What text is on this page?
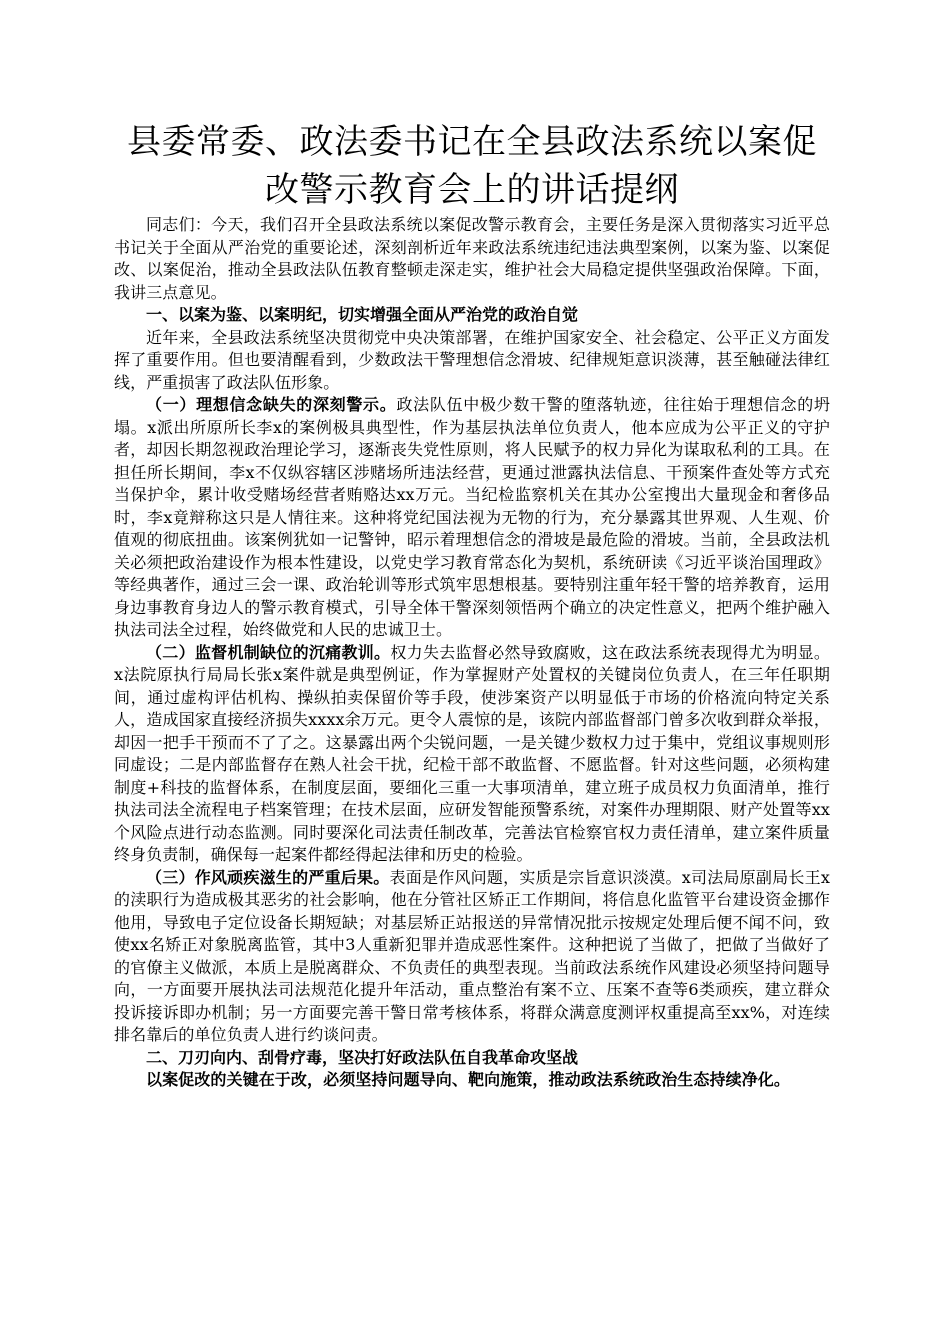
县委常委、政法委书记在全县政法系统以案促改警示教育会上的讲话提纲

同志们：今天，我们召开全县政法系统以案促改警示教育会，主要任务是深入贯彻落实习近平总书记关于全面从严治党的重要论述，深刻剖析近年来政法系统违纪违法典型案例，以案为鉴、以案促改、以案促治，推动全县政法队伍教育整顿走深走实，维护社会大局稳定提供坚强政治保障。下面，我讲三点意见。

一、以案为鉴、以案明纪，切实增强全面从严治党的政治自觉

近年来，全县政法系统坚决贯彻党中央决策部署，在维护国家安全、社会稳定、公平正义方面发挥了重要作用。但也要清醒看到，少数政法干警理想信念滑坡、纪律规矩意识淡薄，甚至触碰法律红线，严重损害了政法队伍形象。

（一）理想信念缺失的深刻警示。政法队伍中极少数干警的堕落轨迹，往往始于理想信念的坍塌。x派出所原所长李x的案例极具典型性，作为基层执法单位负责人，他本应成为公平正义的守护者，却因长期忽视政治理论学习，逐渐丧失党性原则，将人民赋予的权力异化为谋取私利的工具。在担任所长期间，李x不仅纵容辖区涉赌场所违法经营，更通过泄露执法信息、干预案件查处等方式充当保护伞，累计收受赌场经营者贿赂达xx万元。当纪检监察机关在其办公室搜出大量现金和奢侈品时，李x竟辩称这只是人情往来。这种将党纪国法视为无物的行为，充分暴露其世界观、人生观、价值观的彻底扭曲。该案例犹如一记警钟，昭示着理想信念的滑坡是最危险的滑坡。当前，全县政法机关必须把政治建设作为根本性建设，以党史学习教育常态化为契机，系统研读《习近平谈治国理政》等经典著作，通过三会一课、政治轮训等形式筑牢思想根基。要特别注重年轻干警的培养教育，运用身边事教育身边人的警示教育模式，引导全体干警深刻领悟两个确立的决定性意义，把两个维护融入执法司法全过程，始终做党和人民的忠诚卫士。

（二）监督机制缺位的沉痛教训。权力失去监督必然导致腐败，这在政法系统表现得尤为明显。x法院原执行局局长张x案件就是典型例证，作为掌握财产处置权的关键岗位负责人，在三年任职期间，通过虚构评估机构、操纵拍卖保留价等手段，使涉案资产以明显低于市场的价格流向特定关系人，造成国家直接经济损失xxxx余万元。更令人震惊的是，该院内部监督部门曾多次收到群众举报，却因一把手干预而不了了之。这暴露出两个尖锐问题，一是关键少数权力过于集中，党组议事规则形同虚设；二是内部监督存在熟人社会干扰，纪检干部不敢监督、不愿监督。针对这些问题，必须构建制度+科技的监督体系，在制度层面，要细化三重一大事项清单，建立班子成员权力负面清单，推行执法司法全流程电子档案管理；在技术层面，应研发智能预警系统，对案件办理期限、财产处置等xx个风险点进行动态监测。同时要深化司法责任制改革，完善法官检察官权力责任清单，建立案件质量终身负责制，确保每一起案件都经得起法律和历史的检验。

（三）作风顽疾滋生的严重后果。表面是作风问题，实质是宗旨意识淡漠。x司法局原副局长王x的渎职行为造成极其恶劣的社会影响，他在分管社区矫正工作期间，将信息化监管平台建设资金挪作他用，导致电子定位设备长期短缺；对基层矫正站报送的异常情况批示按规定处理后便不闻不问，致使xx名矫正对象脱离监管，其中3人重新犯罪并造成恶性案件。这种把说了当做了，把做了当做好了的官僚主义做派，本质上是脱离群众、不负责任的典型表现。当前政法系统作风建设必须坚持问题导向，一方面要开展执法司法规范化提升年活动，重点整治有案不立、压案不查等6类顽疾，建立群众投诉接诉即办机制；另一方面要完善干警日常考核体系，将群众满意度测评权重提高至xx%，对连续排名靠后的单位负责人进行约谈问责。

二、刀刃向内、刮骨疗毒，坚决打好政法队伍自我革命攻坚战

以案促改的关键在于改，必须坚持问题导向、靶向施策，推动政法系统政治生态持续净化。
